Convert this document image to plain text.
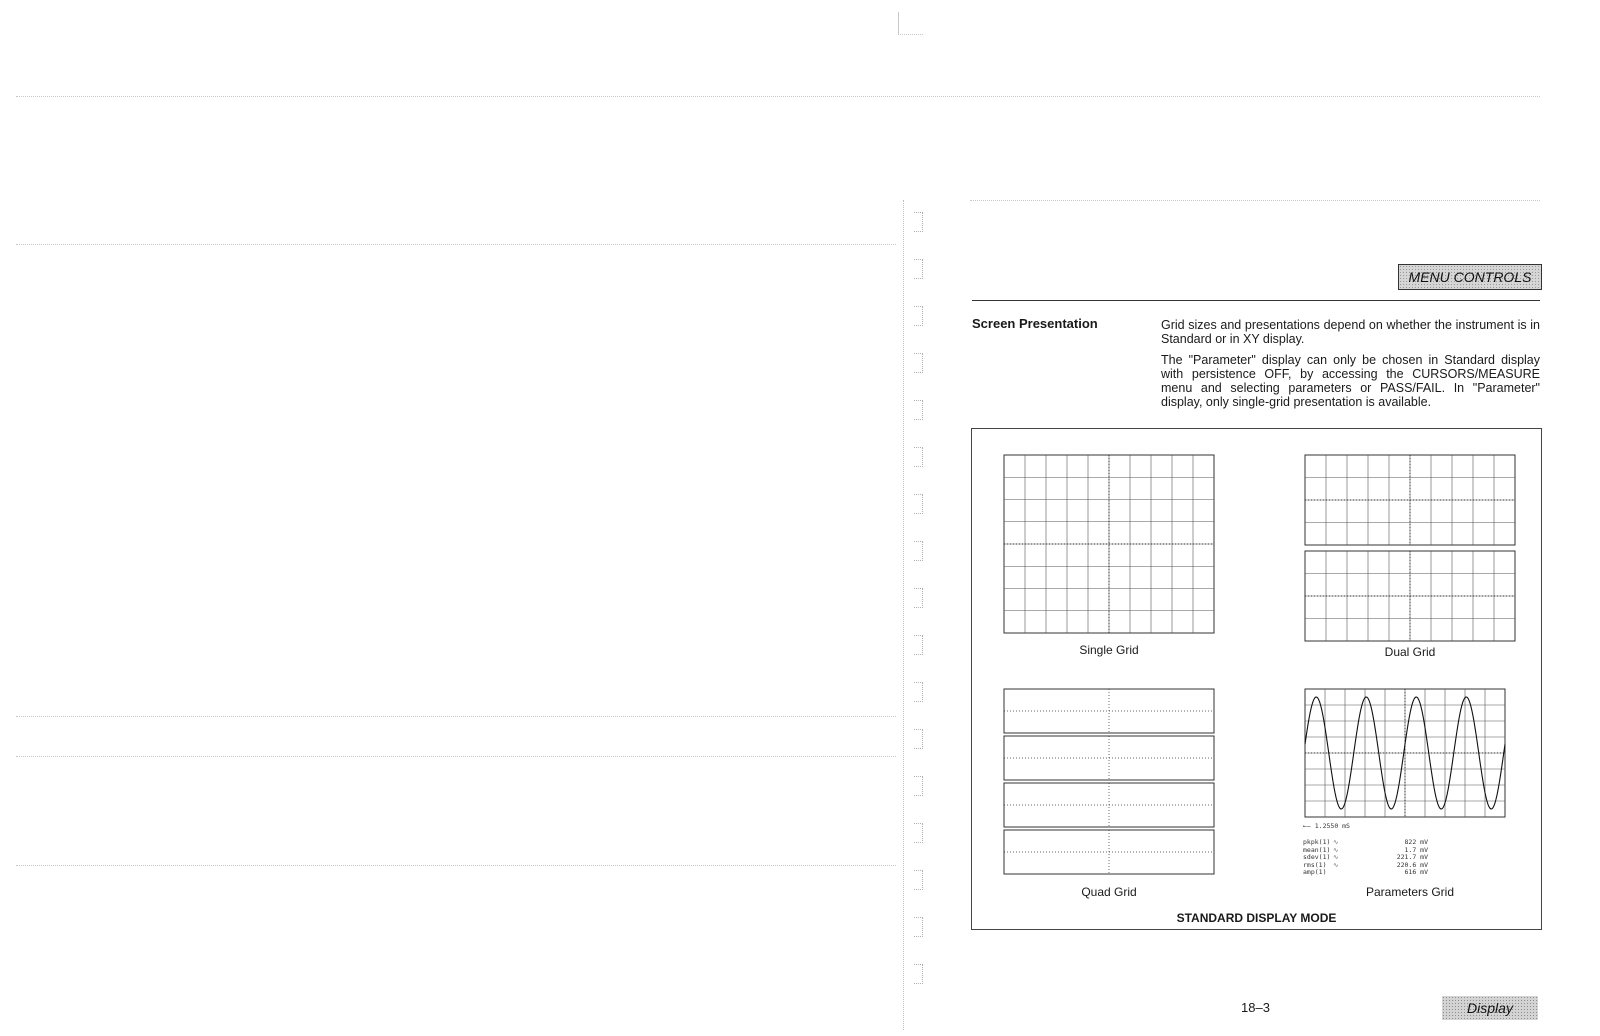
MENU CONTROLS
Screen Presentation	Grid sizes and presentations depend on whether the instrument is in Standard or in XY display.

The "Parameter" display can only be chosen in Standard display with persistence OFF, by accessing the CURSORS/MEASURE menu and selecting parameters or PASS/FAIL. In "Parameter" display, only single-grid presentation is available.

Single Grid	Dual Grid
Quad Grid
←— 1.2550 mS
pkpk(1) ∿	822 mV
mean(1) ∿	1.7 mV
sdev(1) ∿	221.7 mV
rms(1)	∿	220.6 mV
amp(1)	616 mV
Parameters Grid
STANDARD DISPLAY MODE
18–3	Display
